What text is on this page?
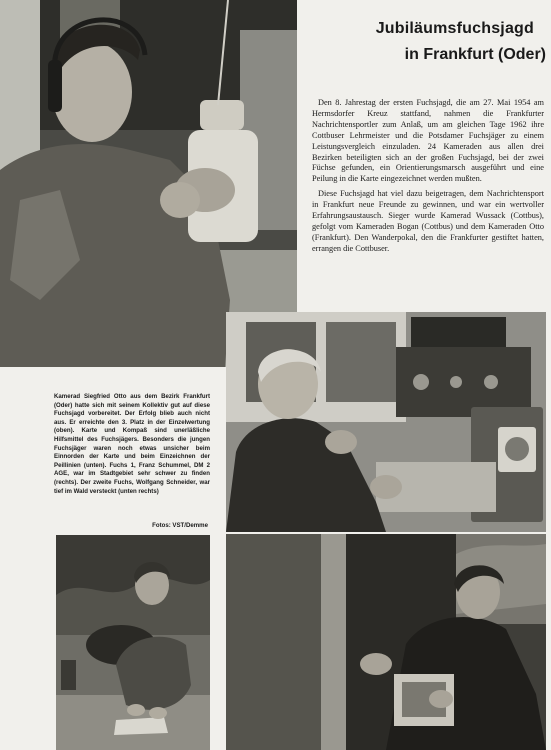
Jubiläumsfuchsjagd
in Frankfurt (Oder)

Den 8. Jahrestag der ersten Fuchsjagd, die am 27. Mai 1954 am Hermsdorfer Kreuz stattfand, nahmen die Frankfurter Nachrichtensportler zum Anlaß, um am gleichen Tage 1962 ihre Cottbuser Lehrmeister und die Potsdamer Fuchsjäger zu einem Leistungsvergleich einzuladen. 24 Kameraden aus allen drei Bezirken beteiligten sich an der großen Fuchsjagd, bei der zwei Füchse gefunden, ein Orientierungsmarsch ausgeführt und eine Peilung in die Karte eingezeichnet werden mußten.

Diese Fuchsjagd hat viel dazu beigetragen, dem Nachrichtensport in Frankfurt neue Freunde zu gewinnen, und war ein wertvoller Erfahrungsaustausch. Sieger wurde Kamerad Wussack (Cottbus), gefolgt vom Kameraden Bogan (Cottbus) und dem Kameraden Otto (Frankfurt). Den Wanderpokal, den die Frankfurter gestiftet hatten, errangen die Cottbuser.

Kamerad Siegfried Otto aus dem Bezirk Frankfurt (Oder) hatte sich mit seinem Kollektiv gut auf diese Fuchsjagd vorbereitet. Der Erfolg blieb auch nicht aus. Er erreichte den 3. Platz in der Einzelwertung (oben). Karte und Kompaß sind unerläßliche Hilfsmittel des Fuchsjägers. Besonders die jungen Fuchsjäger waren noch etwas unsicher beim Einnorden der Karte und beim Einzeichnen der Peillinien (unten). Fuchs 1, Franz Schummel, DM 2 AGE, war im Stadtgebiet sehr schwer zu finden (rechts). Der zweite Fuchs, Wolfgang Schneider, war tief im Wald versteckt (unten rechts)
Fotos: VST/Demme
